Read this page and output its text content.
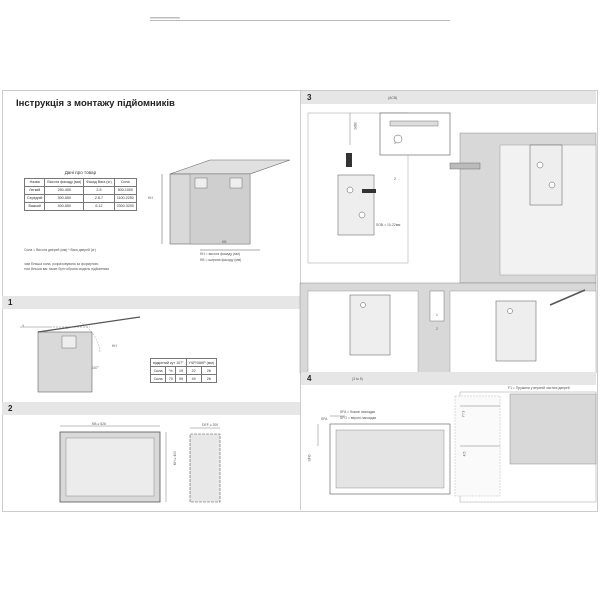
≡≡≡≡≡≡≡≡≡≡≡≡≡≡≡≡≡≡≡≡
Інструкція з монтажу підйомників
Дані про товар			
Назва	Висота фасаду (мм)	Фасад Вага (кг)	Сила
Легкий	250-450	2-5	500-1050
Середній	300-550	2.8-7	1100-2250
Важкий	400-550	6-12	2300-3200
Сила = Висота дверей (мм) * Вага дверей (кг)
чим більша сила, розраховувана за формулою,
тим більша ваг. може бути обрана модель підйомника
KH
KB
KH = висота фасаду (мм)
KB = ширина фасаду (мм)
1
Y	X
107°
KH
відкритий кут 107°			УЧР/ЗАКР (мм)	
Сила	%	19	22	26
Сила	70	59	49	26
2
KB ≥ 526
KH ≥ 400
DEF ≥ 200
3	(ACB)
SOB
SOB = 10-22мм
1
2
1
2
4	(3 to 5)
SFA
SFO
SFA = бокові накладки
SFO = верхні накладки
F1 = Пружини у верхній частині дверей
7 / 3
4.5
